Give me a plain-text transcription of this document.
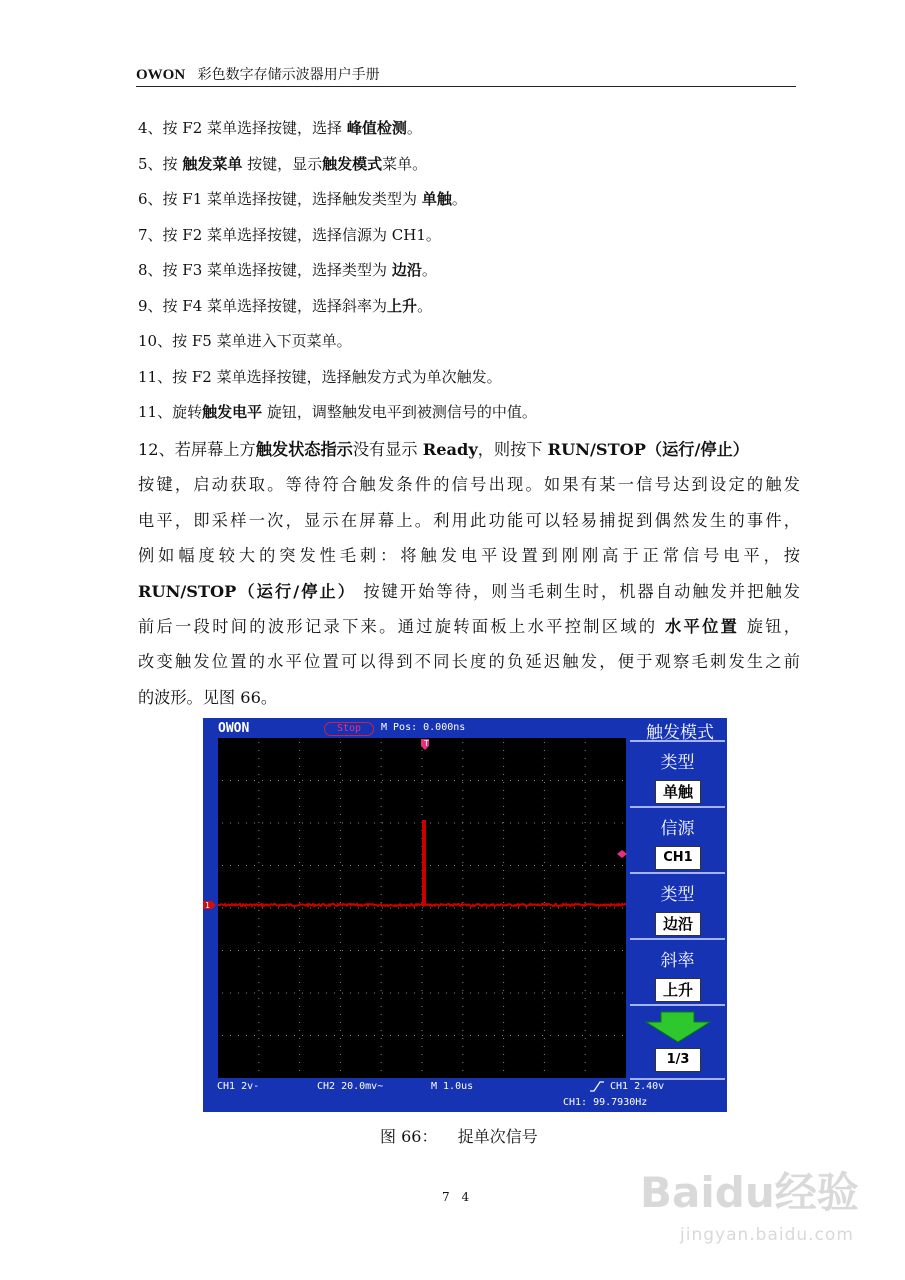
OWON 彩色数字存储示波器用户手册
4、按 F2 菜单选择按键，选择 峰值检测。
5、按 触发菜单 按键，显示触发模式菜单。
6、按 F1 菜单选择按键，选择触发类型为 单触。
7、按 F2 菜单选择按键，选择信源为 CH1。
8、按 F3 菜单选择按键，选择类型为 边沿。
9、按 F4 菜单选择按键，选择斜率为上升。
10、按 F5 菜单进入下页菜单。
11、按 F2 菜单选择按键，选择触发方式为单次触发。
11、旋转触发电平 旋钮，调整触发电平到被测信号的中值。
12、若屏幕上方触发状态指示没有显示 Ready，则按下 RUN/STOP（运行/停止）
按键，启动获取。等待符合触发条件的信号出现。如果有某一信号达到设定的触发
电平，即采样一次，显示在屏幕上。利用此功能可以轻易捕捉到偶然发生的事件，
例如幅度较大的突发性毛刺：将触发电平设置到刚刚高于正常信号电平，按
RUN/STOP（运行/停止） 按键开始等待，则当毛刺生时，机器自动触发并把触发
前后一段时间的波形记录下来。通过旋转面板上水平控制区域的 水平位置 旋钮，
改变触发位置的水平位置可以得到不同长度的负延迟触发，便于观察毛刺发生之前
的波形。见图 66。
T
1
OWON	Stop	M Pos: 0.000ns	触发模式
类型
单触
信源
CH1
类型
边沿
斜率
上升
1/3
CH1 2v-	CH2 20.0mv~	M 1.0us	CH1 2.40v
CH1: 99.7930Hz
图 66：    捉单次信号
7 4	Baidu经验
jingyan.baidu.com
